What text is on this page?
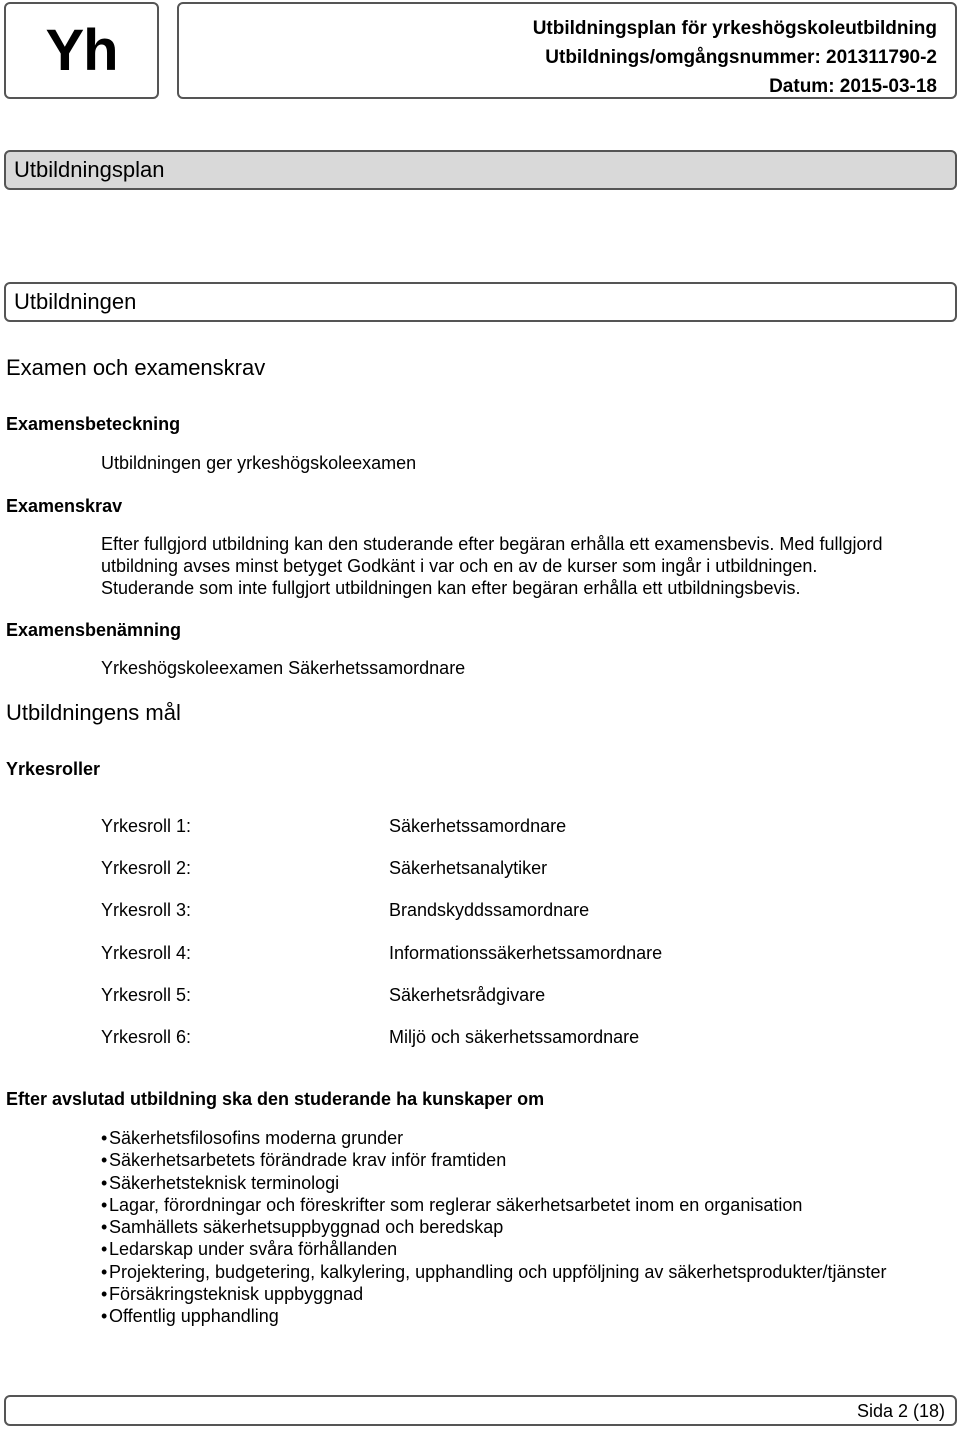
Yh	Utbildningsplan för yrkeshögskoleutbildning
Utbildnings/omgångsnummer: 201311790-2
Datum: 2015-03-18
Utbildningsplan
Utbildningen
Examen och examenskrav
Examensbeteckning
Utbildningen ger yrkeshögskoleexamen
Examenskrav
Efter fullgjord utbildning kan den studerande efter begäran erhålla ett examensbevis. Med fullgjord
utbildning avses minst betyget Godkänt i var och en av de kurser som ingår i utbildningen.
Studerande som inte fullgjort utbildningen kan efter begäran erhålla ett utbildningsbevis.
Examensbenämning
Yrkeshögskoleexamen Säkerhetssamordnare
Utbildningens mål
Yrkesroller
Yrkesroll 1:	Säkerhetssamordnare
Yrkesroll 2:	Säkerhetsanalytiker
Yrkesroll 3:	Brandskyddssamordnare
Yrkesroll 4:	Informationssäkerhetssamordnare
Yrkesroll 5:	Säkerhetsrådgivare
Yrkesroll 6:	Miljö och säkerhetssamordnare
Efter avslutad utbildning ska den studerande ha kunskaper om
•Säkerhetsfilosofins moderna grunder
•Säkerhetsarbetets förändrade krav inför framtiden
•Säkerhetsteknisk terminologi
•Lagar, förordningar och föreskrifter som reglerar säkerhetsarbetet inom en organisation
•Samhällets säkerhetsuppbyggnad och beredskap
•Ledarskap under svåra förhållanden
•Projektering, budgetering, kalkylering, upphandling och uppföljning av säkerhetsprodukter/tjänster
•Försäkringsteknisk uppbyggnad
•Offentlig upphandling
Sida 2 (18)
